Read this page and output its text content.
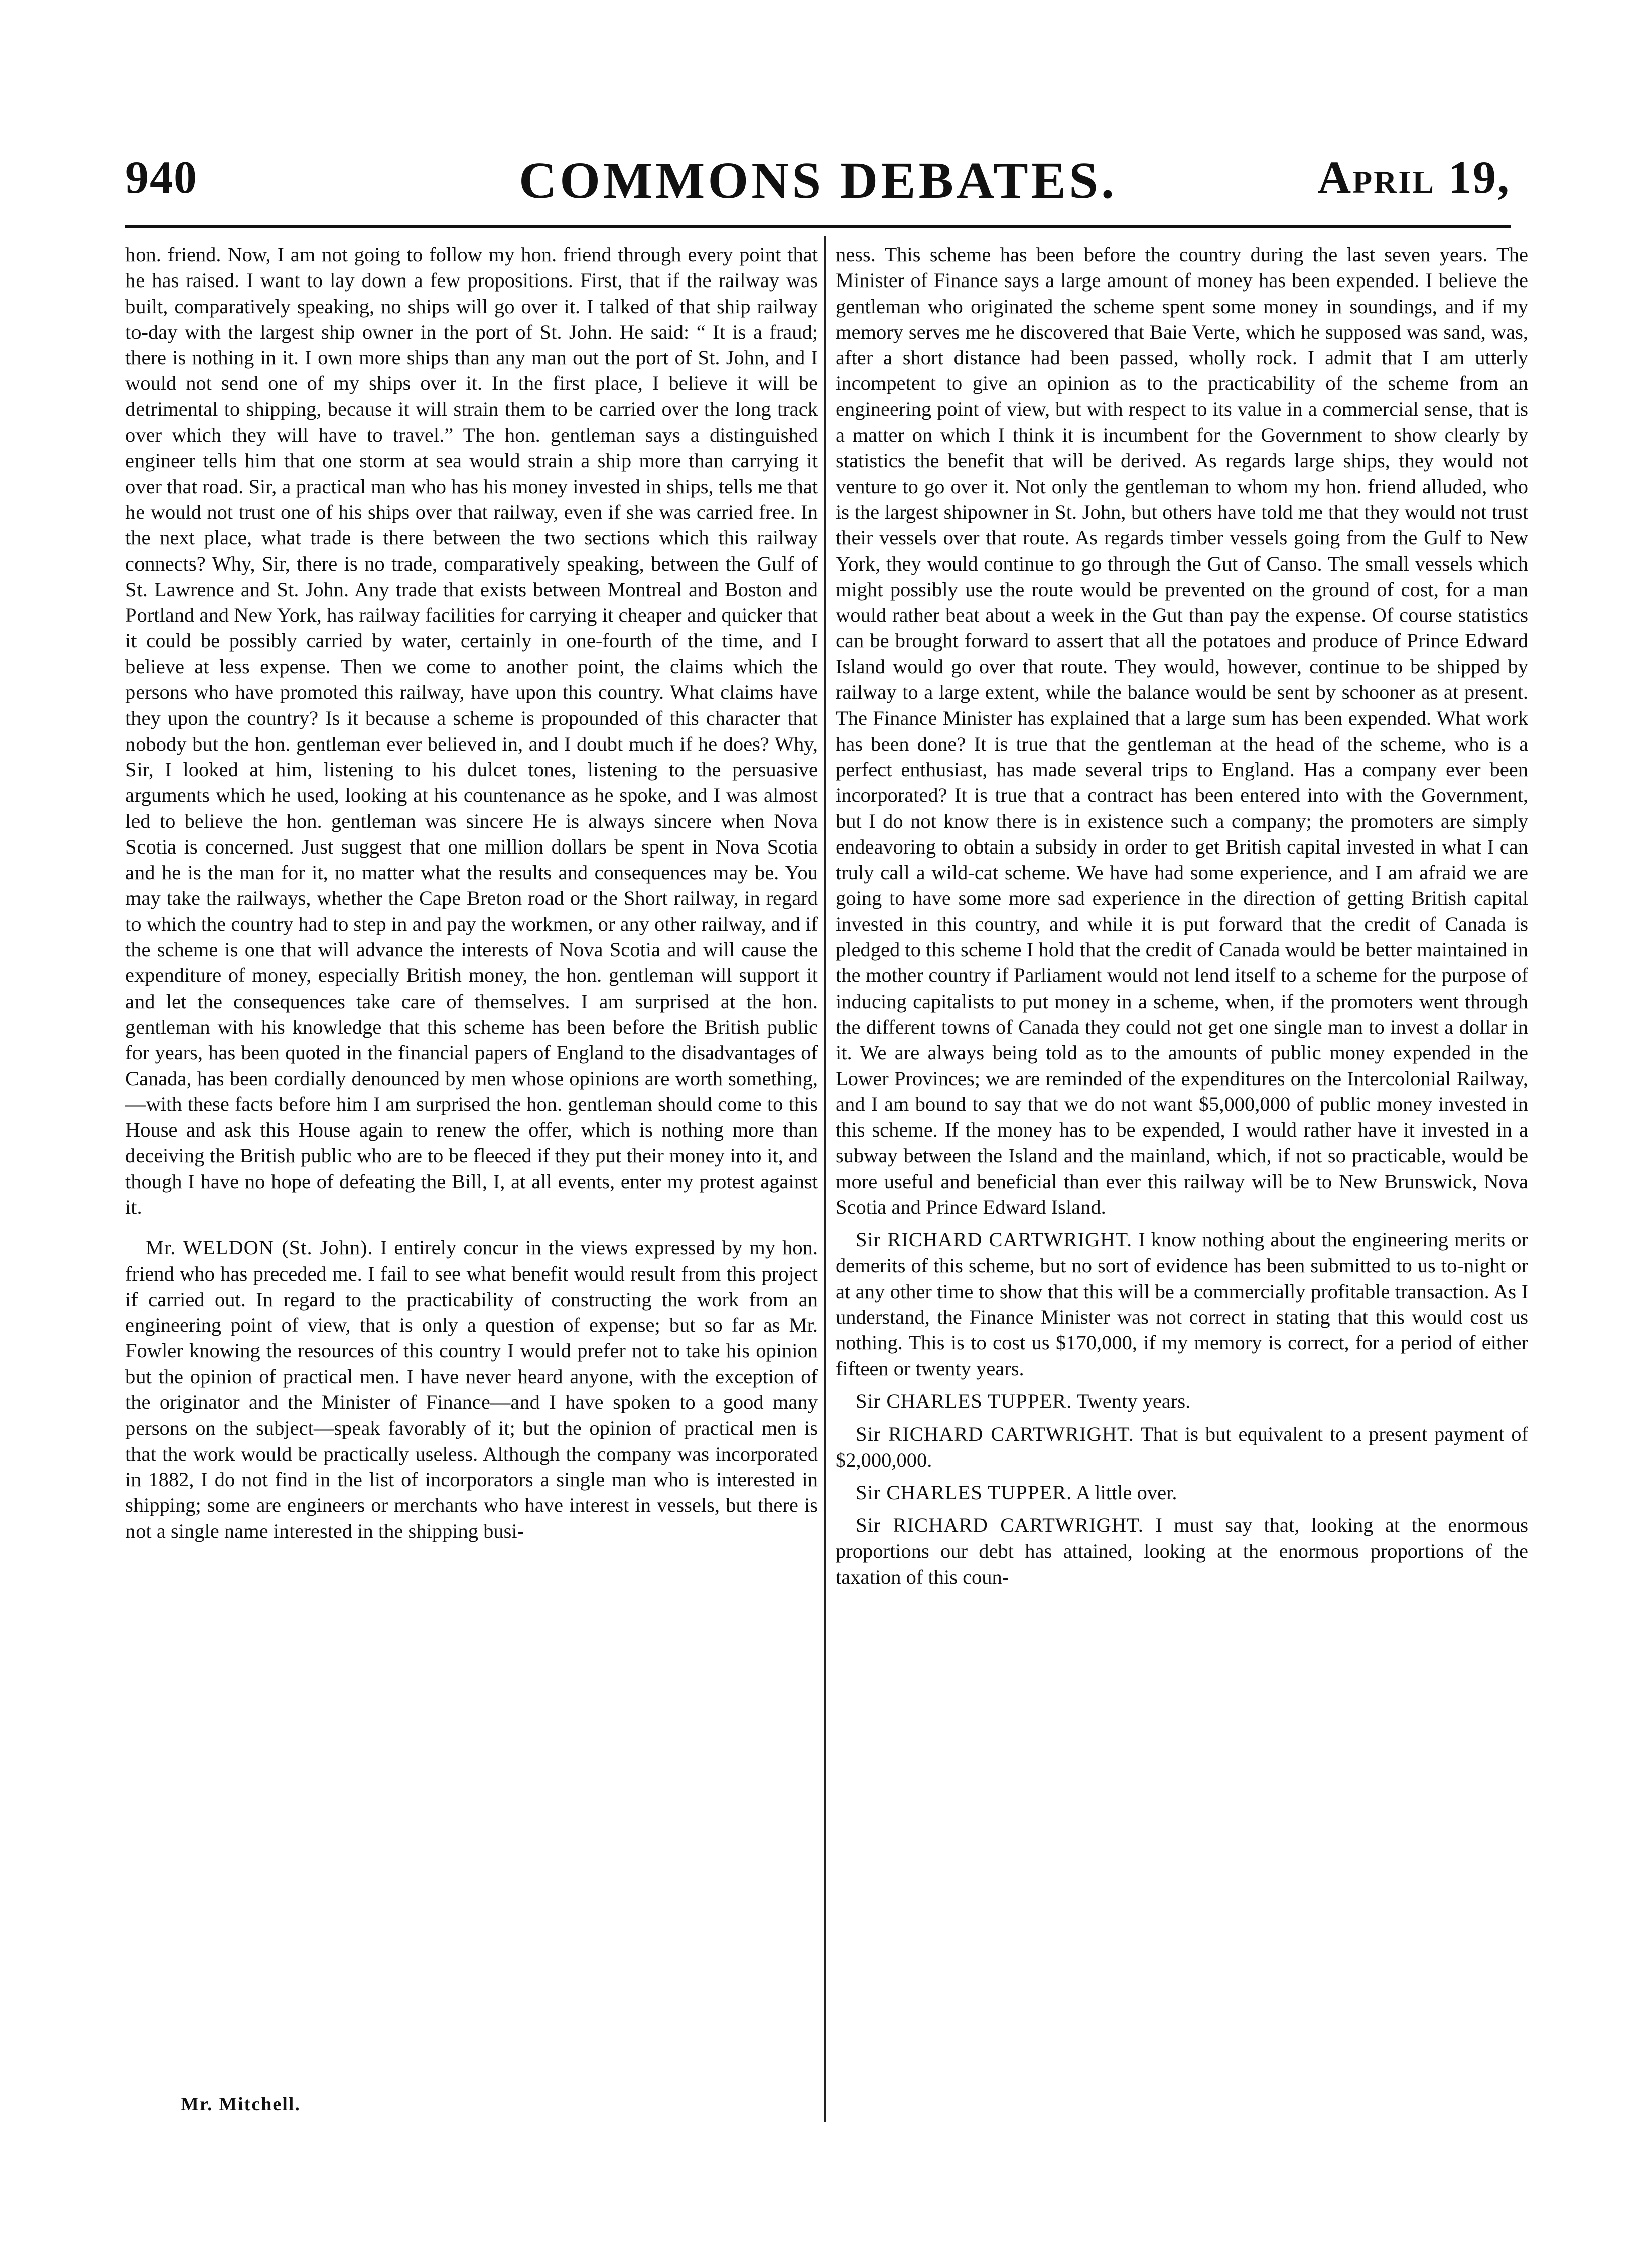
COMMONS DEBATES.
940	April 19,

hon. friend. Now, I am not going to follow my hon. friend through every point that he has raised. I want to lay down a few propositions. First, that if the railway was built, comparatively speaking, no ships will go over it. I talked of that ship railway to-day with the largest ship owner in the port of St. John. He said: “ It is a fraud; there is nothing in it. I own more ships than any man out the port of St. John, and I would not send one of my ships over it. In the first place, I believe it will be detrimental to shipping, because it will strain them to be carried over the long track over which they will have to travel.” The hon. gentleman says a distinguished engineer tells him that one storm at sea would strain a ship more than carrying it over that road. Sir, a practical man who has his money invested in ships, tells me that he would not trust one of his ships over that railway, even if she was carried free. In the next place, what trade is there between the two sections which this railway connects? Why, Sir, there is no trade, comparatively speaking, between the Gulf of St. Lawrence and St. John. Any trade that exists between Montreal and Boston and Portland and New York, has railway facilities for carrying it cheaper and quicker that it could be possibly carried by water, certainly in one-fourth of the time, and I believe at less expense. Then we come to another point, the claims which the persons who have promoted this railway, have upon this country. What claims have they upon the country? Is it because a scheme is propounded of this character that nobody but the hon. gentleman ever believed in, and I doubt much if he does? Why, Sir, I looked at him, listening to his dulcet tones, listening to the persuasive arguments which he used, looking at his countenance as he spoke, and I was almost led to believe the hon. gentleman was sincere He is always sincere when Nova Scotia is concerned. Just suggest that one million dollars be spent in Nova Scotia and he is the man for it, no matter what the results and consequences may be. You may take the railways, whether the Cape Breton road or the Short railway, in regard to which the country had to step in and pay the workmen, or any other railway, and if the scheme is one that will advance the interests of Nova Scotia and will cause the expenditure of money, especially British money, the hon. gentleman will support it and let the consequences take care of themselves. I am surprised at the hon. gentleman with his knowledge that this scheme has been before the British public for years, has been quoted in the financial papers of England to the disadvantages of Canada, has been cordially denounced by men whose opinions are worth something,—with these facts before him I am surprised the hon. gentleman should come to this House and ask this House again to renew the offer, which is nothing more than deceiving the British public who are to be fleeced if they put their money into it, and though I have no hope of defeating the Bill, I, at all events, enter my protest against it.

Mr. WELDON (St. John). I entirely concur in the views expressed by my hon. friend who has preceded me. I fail to see what benefit would result from this project if carried out. In regard to the practicability of constructing the work from an engineering point of view, that is only a question of expense; but so far as Mr. Fowler knowing the resources of this country I would prefer not to take his opinion but the opinion of practical men. I have never heard anyone, with the exception of the originator and the Minister of Finance—and I have spoken to a good many persons on the subject—speak favorably of it; but the opinion of practical men is that the work would be practically useless. Although the company was incorporated in 1882, I do not find in the list of incorporators a single man who is interested in shipping; some are engineers or merchants who have interest in vessels, but there is not a single name interested in the shipping busi-

ness. This scheme has been before the country during the last seven years. The Minister of Finance says a large amount of money has been expended. I believe the gentleman who originated the scheme spent some money in soundings, and if my memory serves me he discovered that Baie Verte, which he supposed was sand, was, after a short distance had been passed, wholly rock. I admit that I am utterly incompetent to give an opinion as to the practicability of the scheme from an engineering point of view, but with respect to its value in a commercial sense, that is a matter on which I think it is incumbent for the Government to show clearly by statistics the benefit that will be derived. As regards large ships, they would not venture to go over it. Not only the gentleman to whom my hon. friend alluded, who is the largest shipowner in St. John, but others have told me that they would not trust their vessels over that route. As regards timber vessels going from the Gulf to New York, they would continue to go through the Gut of Canso. The small vessels which might possibly use the route would be prevented on the ground of cost, for a man would rather beat about a week in the Gut than pay the expense. Of course statistics can be brought forward to assert that all the potatoes and produce of Prince Edward Island would go over that route. They would, however, continue to be shipped by railway to a large extent, while the balance would be sent by schooner as at present. The Finance Minister has explained that a large sum has been expended. What work has been done? It is true that the gentleman at the head of the scheme, who is a perfect enthusiast, has made several trips to England. Has a company ever been incorporated? It is true that a contract has been entered into with the Government, but I do not know there is in existence such a company; the promoters are simply endeavoring to obtain a subsidy in order to get British capital invested in what I can truly call a wild-cat scheme. We have had some experience, and I am afraid we are going to have some more sad experience in the direction of getting British capital invested in this country, and while it is put forward that the credit of Canada is pledged to this scheme I hold that the credit of Canada would be better maintained in the mother country if Parliament would not lend itself to a scheme for the purpose of inducing capitalists to put money in a scheme, when, if the promoters went through the different towns of Canada they could not get one single man to invest a dollar in it. We are always being told as to the amounts of public money expended in the Lower Provinces; we are reminded of the expenditures on the Intercolonial Railway, and I am bound to say that we do not want $5,000,000 of public money invested in this scheme. If the money has to be expended, I would rather have it invested in a subway between the Island and the mainland, which, if not so practicable, would be more useful and beneficial than ever this railway will be to New Brunswick, Nova Scotia and Prince Edward Island.

Sir RICHARD CARTWRIGHT. I know nothing about the engineering merits or demerits of this scheme, but no sort of evidence has been submitted to us to-night or at any other time to show that this will be a commercially profitable transaction. As I understand, the Finance Minister was not correct in stating that this would cost us nothing. This is to cost us $170,000, if my memory is correct, for a period of either fifteen or twenty years.

Sir CHARLES TUPPER. Twenty years.

Sir RICHARD CARTWRIGHT. That is but equivalent to a present payment of $2,000,000.

Sir CHARLES TUPPER. A little over.

Sir RICHARD CARTWRIGHT. I must say that, looking at the enormous proportions our debt has attained, looking at the enormous proportions of the taxation of this coun-

Mr. Mitchell.
